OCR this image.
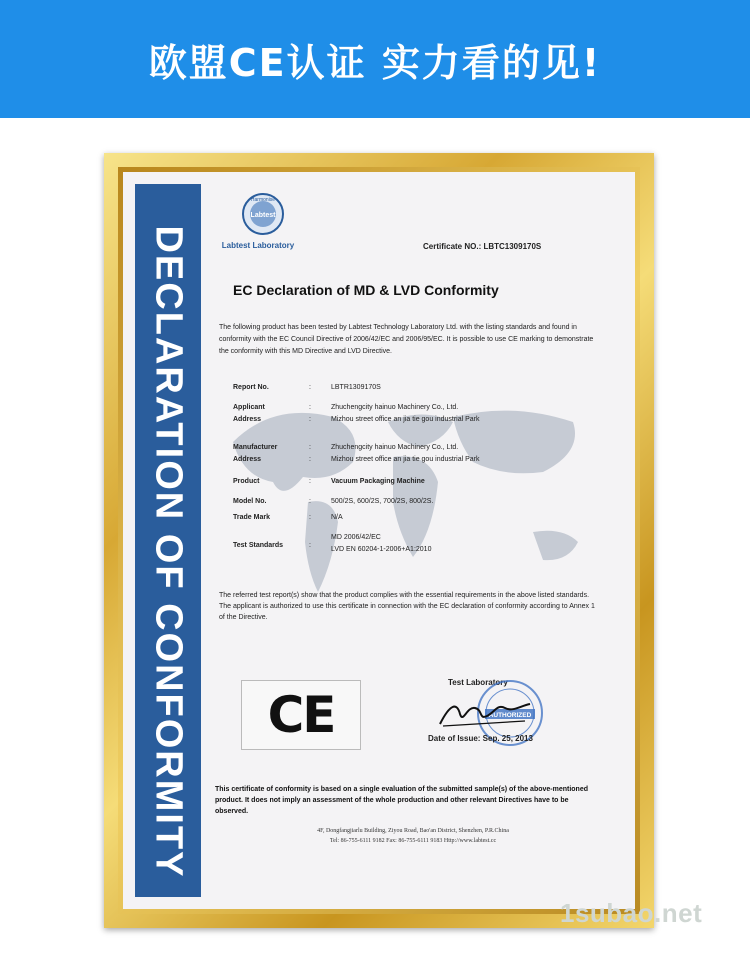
欧盟CE认证 实力看的见!
DECLARATION OF CONFORMITY
Harmonise
Labtest
Labtest Laboratory	Certificate NO.: LBTC1309170S
EC Declaration of MD & LVD Conformity
The following product has been tested by Labtest Technology Laboratory Ltd. with the listing standards and found in conformity with the EC Council Directive of 2006/42/EC and 2006/95/EC. It is possible to use CE marking to demonstrate the conformity with this MD Directive and LVD Directive.
Report No.	:	LBTR1309170S
Applicant	:	Zhuchengcity hainuo Machinery Co., Ltd.
Address	:	Mizhou street office an jia tie gou industrial Park
Manufacturer	:	Zhuchengcity hainuo Machinery Co., Ltd.
Address	:	Mizhou street office an jia tie gou industrial Park
Product	:	Vacuum Packaging Machine
Model No.	:	500/2S, 600/2S, 700/2S, 800/2S.
Trade Mark	:	N/A
Test Standards	:
MD 2006/42/EC
LVD EN 60204-1-2006+A1:2010
The referred test report(s) show that the product complies with the essential requirements in the above listed standards. The applicant is authorized to use this certificate in connection with the EC declaration of conformity according to Annex 1 of the Directive.
CE
Test Laboratory
AUTHORIZED
Date of Issue: Sep. 25, 2013
This certificate of conformity is based on a single evaluation of the submitted sample(s) of the above-mentioned product. It does not imply an assessment of the whole production and other relevant Directives have to be observed.
4F, Dongfangjiarlu Building, Ziyou Road, Bao'an District, Shenzhen, P.R.China
Tel: 86-755-6111 9182 Fax: 86-755-6111 9183 Http://www.labtest.cc
1subao.net
